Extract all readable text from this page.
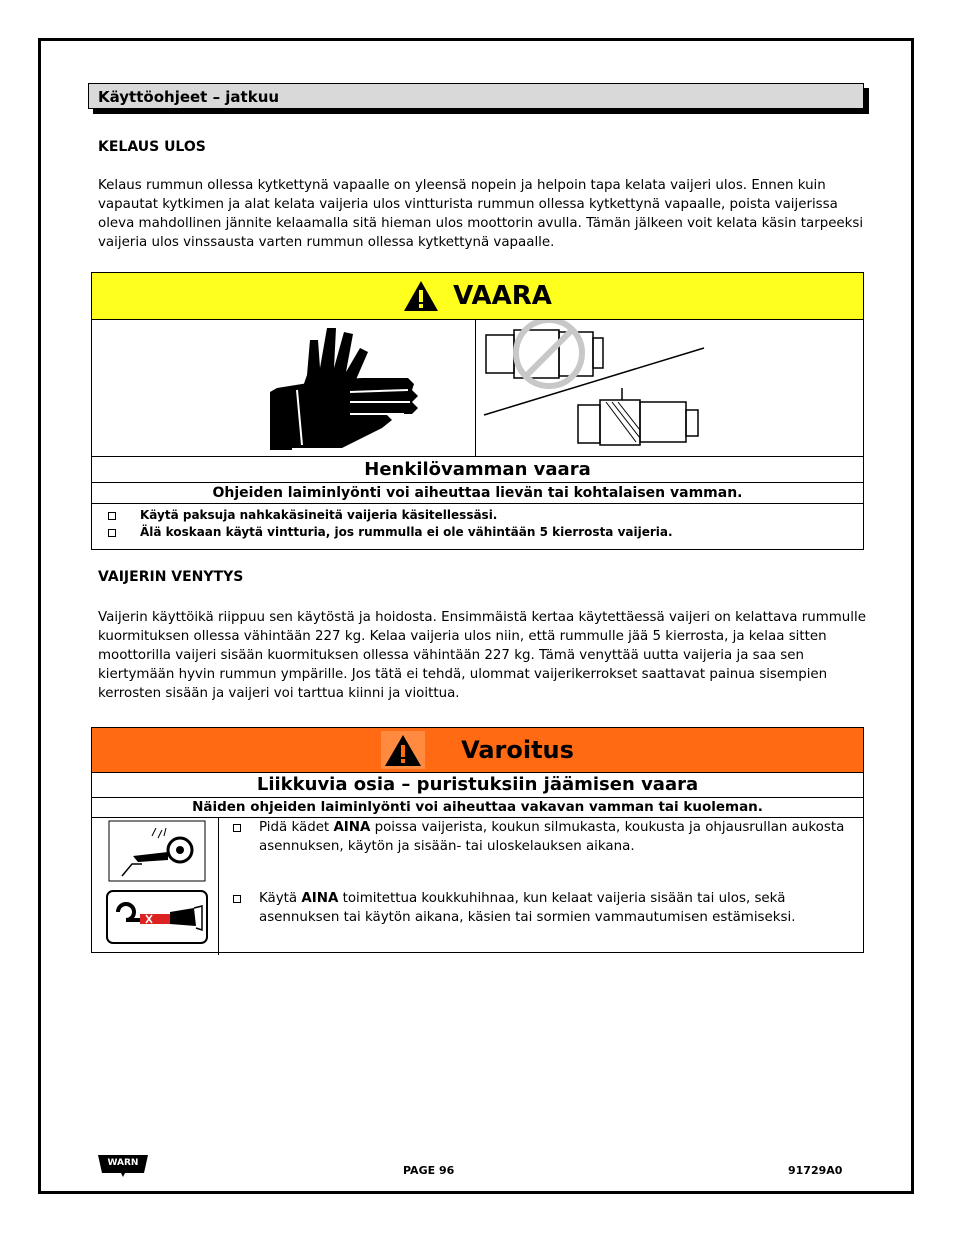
Käyttöohjeet – jatkuu
KELAUS ULOS
Kelaus rummun ollessa kytkettynä vapaalle on yleensä nopein ja helpoin tapa kelata vaijeri ulos. Ennen kuin vapautat kytkimen ja alat kelata vaijeria ulos vintturista rummun ollessa kytkettynä vapaalle, poista vaijerissa oleva mahdollinen jännite kelaamalla sitä hieman ulos moottorin avulla. Tämän jälkeen voit kelata käsin tarpeeksi vaijeria ulos vinssausta varten rummun ollessa kytkettynä vapaalle.
VAARA
Henkilövamman vaara
Ohjeiden laiminlyönti voi aiheuttaa lievän tai kohtalaisen vamman.
Käytä paksuja nahkakäsineitä vaijeria käsitellessäsi.
Älä koskaan käytä vintturia, jos rummulla ei ole vähintään 5 kierrosta vaijeria.
VAIJERIN VENYTYS
Vaijerin käyttöikä riippuu sen käytöstä ja hoidosta. Ensimmäistä kertaa käytettäessä vaijeri on kelattava rummulle kuormituksen ollessa vähintään 227 kg. Kelaa vaijeria ulos niin, että rummulle jää 5 kierrosta, ja kelaa sitten moottorilla vaijeri sisään kuormituksen ollessa vähintään 227 kg. Tämä venyttää uutta vaijeria ja saa sen kiertymään hyvin rummun ympärille. Jos tätä ei tehdä, ulommat vaijerikerrokset saattavat painua sisempien kerrosten sisään ja vaijeri voi tarttua kiinni ja vioittua.
Varoitus
Liikkuvia osia – puristuksiin jäämisen vaara
Näiden ohjeiden laiminlyönti voi aiheuttaa vakavan vamman tai kuoleman.
Pidä kädet AINA poissa vaijerista, koukun silmukasta, koukusta ja ohjausrullan aukosta asennuksen, käytön ja sisään- tai uloskelauksen aikana.
Käytä AINA toimitettua koukkuhihnaa, kun kelaat vaijeria sisään tai ulos, sekä asennuksen tai käytön aikana, käsien tai sormien vammautumisen estämiseksi.
WARN
PAGE 96	91729A0
